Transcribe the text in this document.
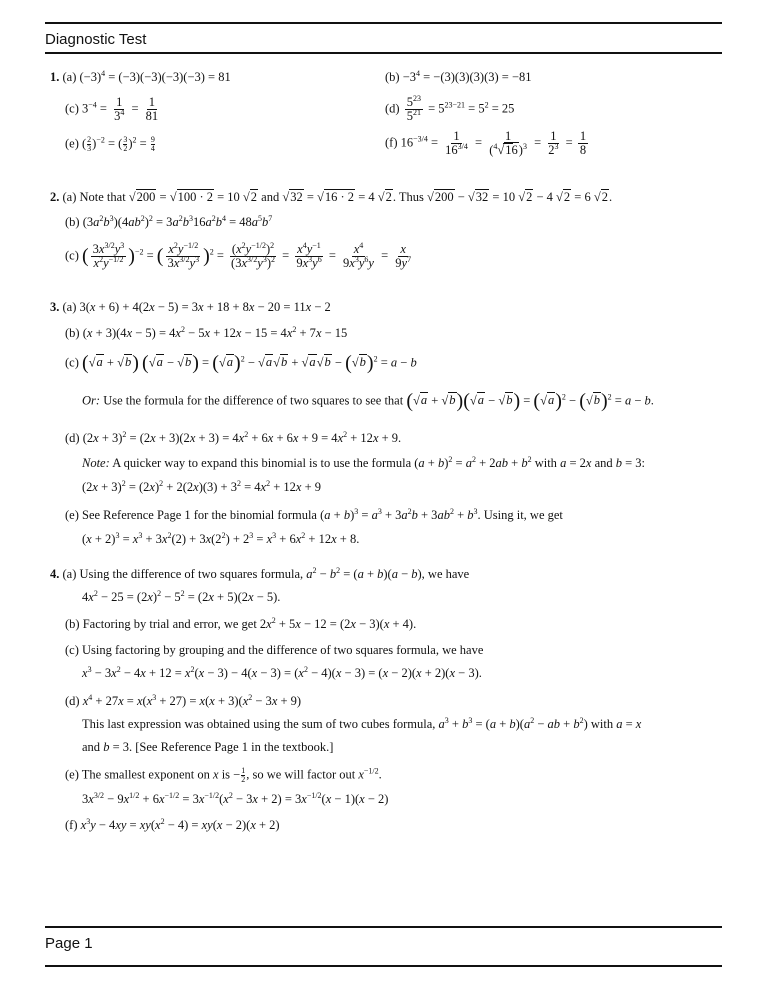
Diagnostic Test
1. (a) $(-3)^4 = (-3)(-3)(-3)(-3) = 81$	$(b) -3^4 = -(3)(3)(3)(3) = -81$
(c) $3^{-4} = \frac{1}{3^4} = \frac{1}{81}$	$(d) \frac{5^{23}}{5^{21}} = 5^{23-21} = 5^2 = 25$
(e) ( $\frac{2}{3} )^{-2}$ = ( $\frac{3}{2} )^2 = \frac{9}{4}$	(f) $16^{-3/4} = \frac{1}{16^{3/4}} = \frac{1}{(^4√16)^3} = \frac{1}{2^3} = \frac{1}{8}$
2. (a) Note that √200 = √100 · 2 = 10 √2 and √32 = √16 · 2 = 4 √2. Thus √200 − √32 = 10 √2 − 4 √2 = 6 √2.
(b) $(3a^2b^3)(4ab^2)^2 = 3a^2b^316a^2b^4 = 48a^5b^7$
(c) ( $\frac{3x^{3/2}y^3}{x^2y^{-1/2}} )^{-2}$ = ( $\frac{x^2y^{-1/2}}{3x^{3/2}y^3} )^2 = \frac{(x^2y^{-1/2})^2}{(3x^{3/2}y^3)^2} = \frac{x^4y^{-1}}{9x^3y^6} = \frac{x^4}{9x^3y^6y} = \frac{x}{9y^7}$
3. (a) 3(x + 6) + 4(2x − 5) = 3x + 18 + 8x − 20 = 11x − 2
(b) $(x + 3)(4x - 5) = 4x^2 - 5x + 12x - 15 = 4x^2 + 7x - 15$
(c) (√a + √b) $(√a - √b) = (√a)^2 - √a√b + √a√b - (√b)^2 = a - b$
Or: Use the formula for the difference of two squares to see that $(√a + √b)(√a - √b) = (√a)^2 - (√b)^2 = a - b$.
(d) $(2x + 3)^2 = (2x + 3)(2x + 3) = 4x^2 + 6x + 6x + 9 = 4x^2 + 12x + 9$.
Note: A quicker way to expand this binomial is to use the formula $(a + b)^2 = a^2 + 2ab + b^2$ with a = 2x and b = 3:
$(2x + 3)^2 = (2x)^2 + 2(2x)(3) + 3^2 = 4x^2 + 12x + 9$
(e) See Reference Page 1 for the binomial formula $(a + b)^3 = a^3 + 3a^2b + 3ab^2 + b^3$. Using it, we get
$(x + 2)^3 = x^3 + 3x^2(2) + 3x(2^2) + 2^3 = x^3 + 6x^2 + 12x + 8$.
4. (a) Using the difference of two squares formula, $a^2 - b^2 = (a + b)(a - b)$, we have
$4x^2 - 25 = (2x)^2 - 5^2 = (2x + 5)(2x - 5)$.
(b) Factoring by trial and error, we get $2x^2 + 5x - 12 = (2x - 3)(x + 4)$.
(c) Using factoring by grouping and the difference of two squares formula, we have
$x^3 - 3x^2 - 4x + 12 = x^2(x - 3) - 4(x - 3) = (x^2 - 4)(x - 3) = (x - 2)(x + 2)(x - 3)$.
(d) $x^4 + 27x = x(x^3 + 27) = x(x + 3)(x^2 - 3x + 9)$
This last expression was obtained using the sum of two cubes formula, $a^3 + b^3 = (a + b)(a^2$ − ab + $b^2$) with a = x
and b = 3. [See Reference Page 1 in the textbook.]
(e) The smallest exponent on x is − $\frac{1}{2}$ , so we will factor out $x^{-1/2}$.
$3x^{3/2} - 9x^{1/2} + 6x^{-1/2} = 3x^{-1/2}(x^2 - 3x + 2) = 3x^{-1/2}(x - 1)(x - 2)$
(f) $x^3y - 4xy = xy(x^2 - 4) = xy(x - 2)(x + 2)$
Page 1
